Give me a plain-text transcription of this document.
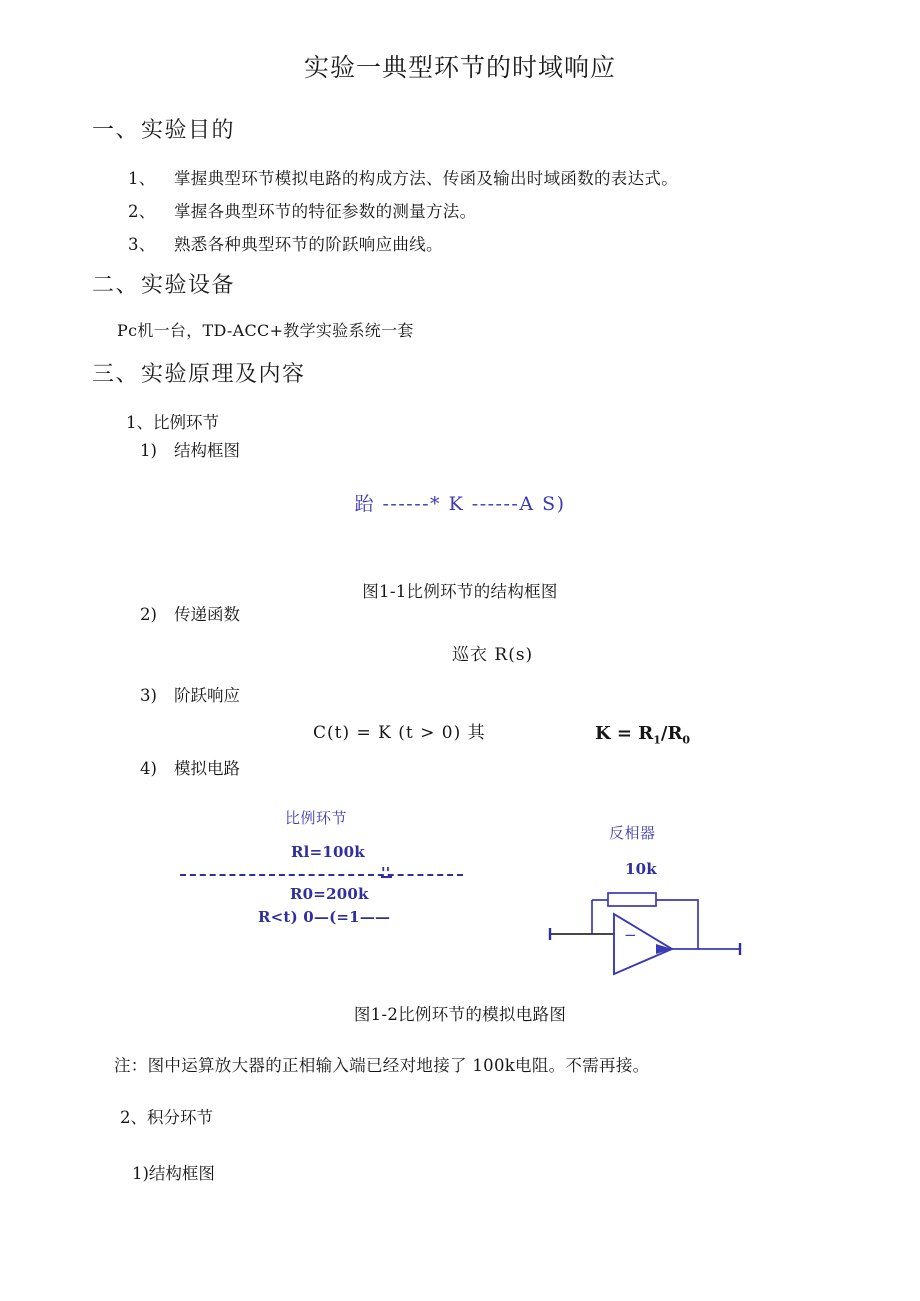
实验一典型环节的时域响应
一、实验目的
1、 掌握典型环节模拟电路的构成方法、传函及输出时域函数的表达式。
2、 掌握各典型环节的特征参数的测量方法。
3、 熟悉各种典型环节的阶跃响应曲线。
二、实验设备
Pc机一台，TD-ACC+教学实验系统一套
三、实验原理及内容
1、比例环节
1) 结构框图
跆 ------* K ------A S)
图1-1比例环节的结构框图
2) 传递函数
巡衣 R(s)
3) 阶跃响应
C(t) = K (t > 0) 其	$K = R_1/R_0$
4) 模拟电路
比例环节
Rl=100k
''
R0=200k
R<t) 0—(=1——
反相器
10k
−
图1-2比例环节的模拟电路图
注：图中运算放大器的正相输入端已经对地接了 100k电阻。不需再接。
2、积分环节
1)结构框图
